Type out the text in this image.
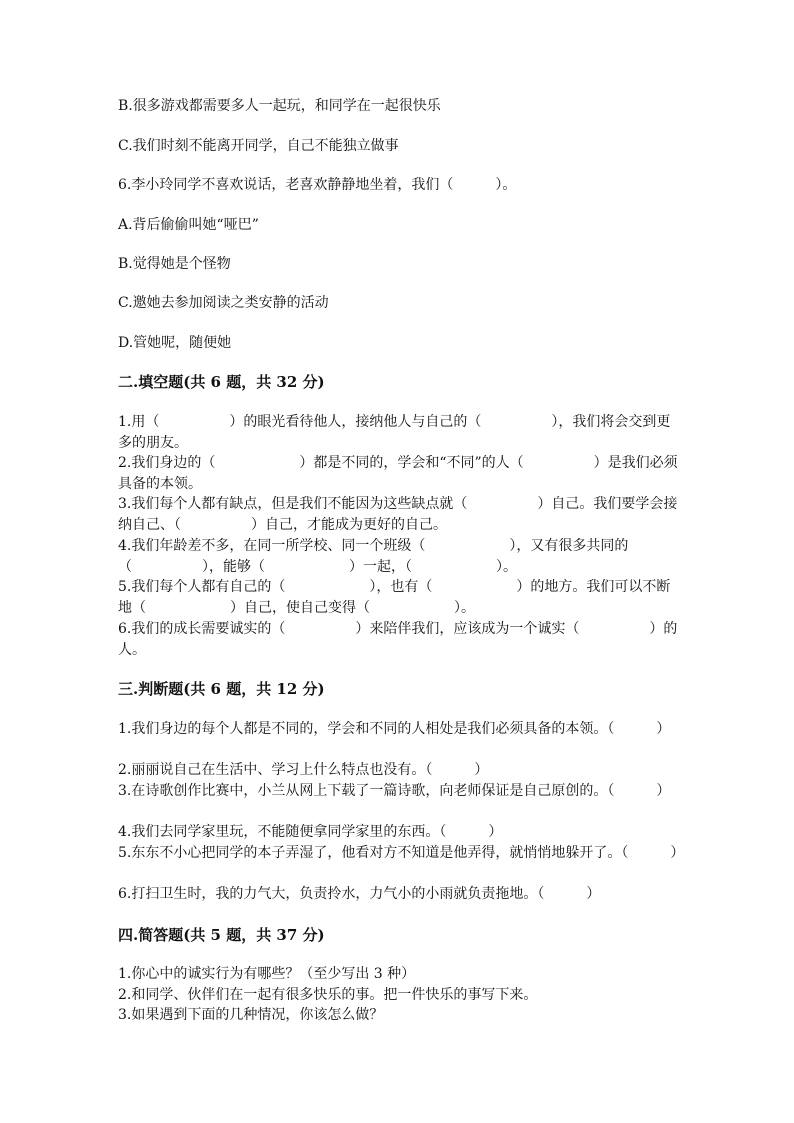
B.很多游戏都需要多人一起玩，和同学在一起很快乐
C.我们时刻不能离开同学，自己不能独立做事
6.李小玲同学不喜欢说话，老喜欢静静地坐着，我们（　　　）。
A.背后偷偷叫她“哑巴”
B.觉得她是个怪物
C.邀她去参加阅读之类安静的活动
D.管她呢，随便她
二.填空题(共 6 题，共 32 分)
1.用（　　　　　）的眼光看待他人，接纳他人与自己的（　　　　　），我们将会交到更多的朋友。
2.我们身边的（　　　　　　）都是不同的，学会和“不同”的人（　　　　　）是我们必须具备的本领。
3.我们每个人都有缺点，但是我们不能因为这些缺点就（　　　　　）自己。我们要学会接纳自己、（　　　　　）自己，才能成为更好的自己。
4.我们年龄差不多，在同一所学校、同一个班级（　　　　　　），又有很多共同的（　　　　　），能够（　　　　　　）一起，（　　　　　　）。
5.我们每个人都有自己的（　　　　　　），也有（　　　　　　）的地方。我们可以不断地（　　　　　　）自己，使自己变得（　　　　　　）。
6.我们的成长需要诚实的（　　　　　）来陪伴我们，应该成为一个诚实（　　　　　）的人。
三.判断题(共 6 题，共 12 分)
1.我们身边的每个人都是不同的，学会和不同的人相处是我们必须具备的本领。（　　　）
2.丽丽说自己在生活中、学习上什么特点也没有。（　　　）
3.在诗歌创作比赛中，小兰从网上下载了一篇诗歌，向老师保证是自己原创的。（　　　）
4.我们去同学家里玩，不能随便拿同学家里的东西。（　　　）
5.东东不小心把同学的本子弄湿了，他看对方不知道是他弄得，就悄悄地躲开了。（　　　）
6.打扫卫生时，我的力气大，负责拎水，力气小的小雨就负责拖地。（　　　）
四.简答题(共 5 题，共 37 分)
1.你心中的诚实行为有哪些？（至少写出 3 种）
2.和同学、伙伴们在一起有很多快乐的事。把一件快乐的事写下来。
3.如果遇到下面的几种情况，你该怎么做？
